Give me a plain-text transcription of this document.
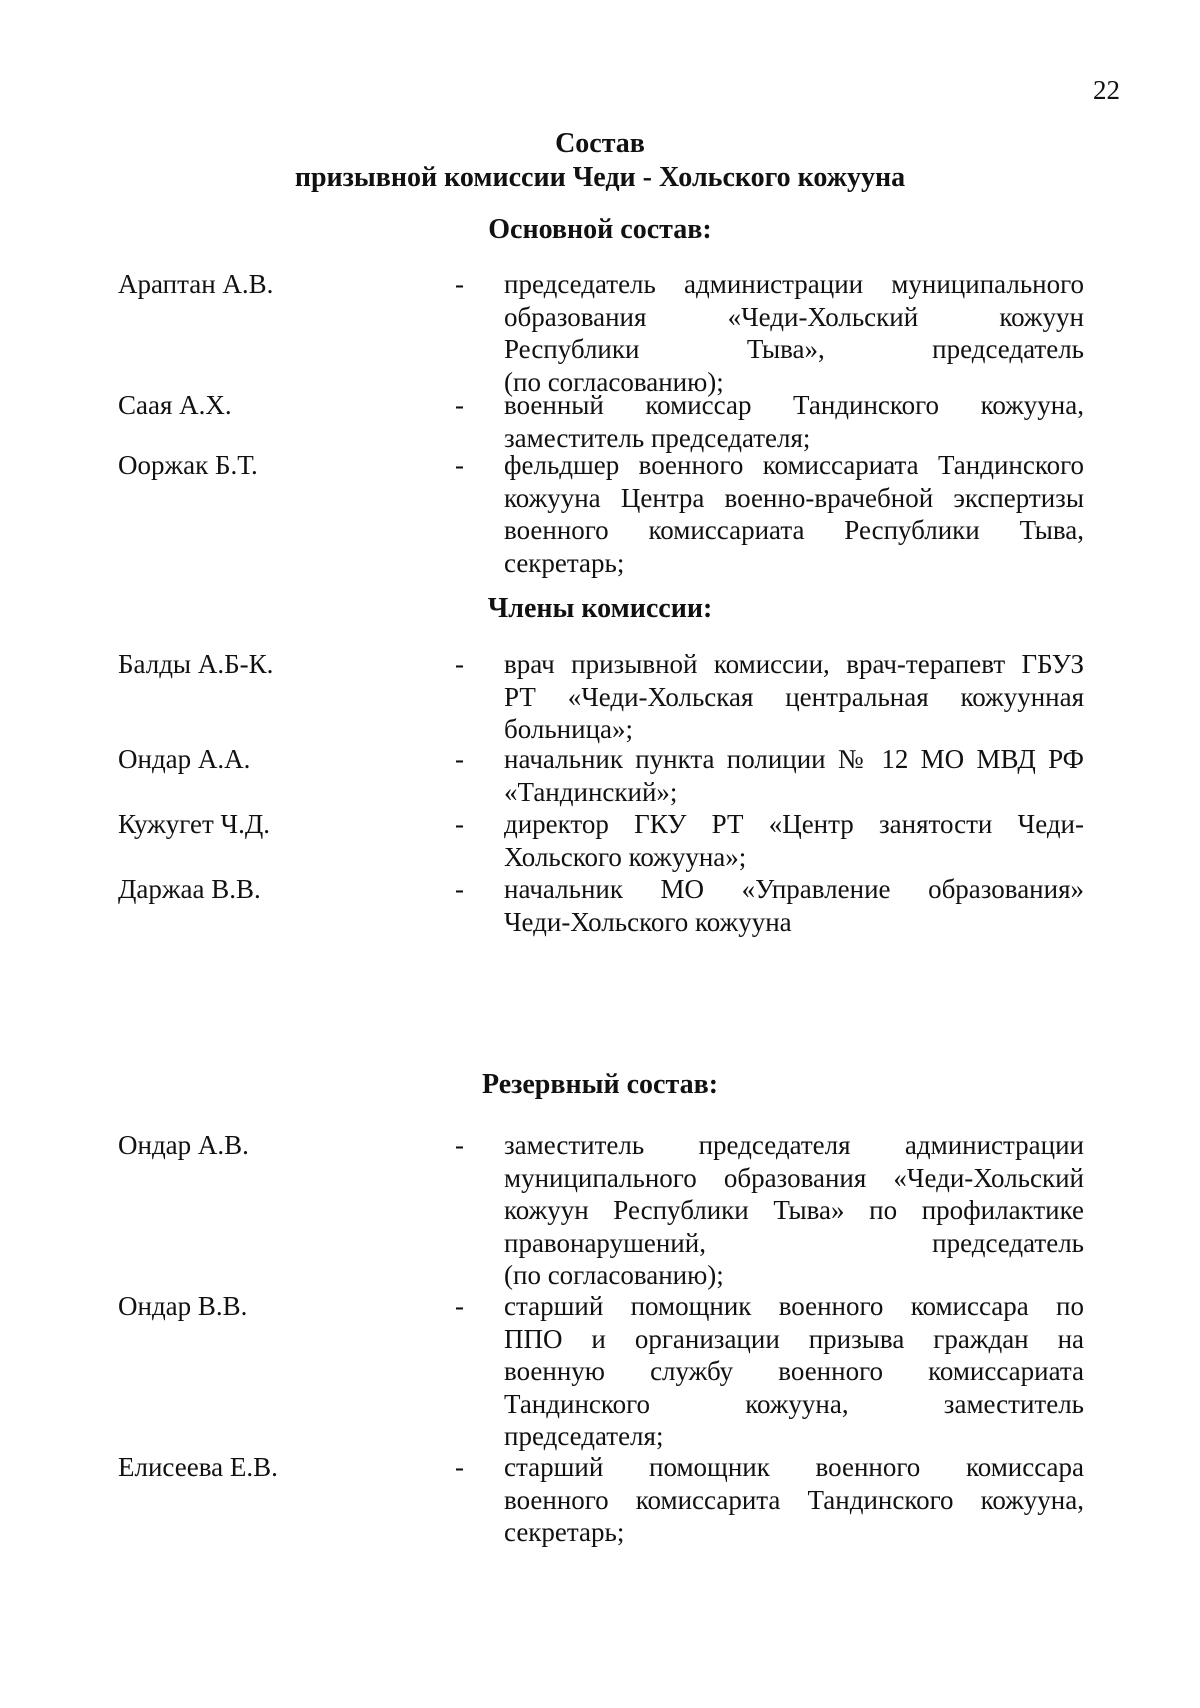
22
Состав
призывной комиссии Чеди - Хольского кожууна
Основной состав:
Араптан А.В.	- председатель администрации муниципального
образования «Чеди-Хольский кожуун
Республики Тыва», председатель
(по согласованию);
Саая А.Х.	- военный комиссар Тандинского кожууна,
заместитель председателя;
Ооржак Б.Т.	- фельдшер военного комиссариата Тандинского
кожууна Центра военно-врачебной экспертизы
военного комиссариата Республики Тыва,
секретарь;
Члены комиссии:
Балды А.Б-К.	- врач призывной комиссии, врач-терапевт ГБУЗ
РТ «Чеди-Хольская центральная кожуунная
больница»;
Ондар А.А.	- начальник пункта полиции № 12 МО МВД РФ
«Тандинский»;
Кужугет Ч.Д.	- директор ГКУ РТ «Центр занятости Чеди-
Хольского кожууна»;
Даржаа В.В.	- начальник МО «Управление образования»
Чеди-Хольского кожууна
Резервный состав:
Ондар А.В.	- заместитель председателя администрации
муниципального образования «Чеди-Хольский
кожуун Республики Тыва» по профилактике
правонарушений, председатель
(по согласованию);
Ондар В.В.	- старший помощник военного комиссара по
ППО и организации призыва граждан на
военную службу военного комиссариата
Тандинского кожууна, заместитель
председателя;
Елисеева Е.В.	- старший помощник военного комиссара
военного комиссарита Тандинского кожууна,
секретарь;
